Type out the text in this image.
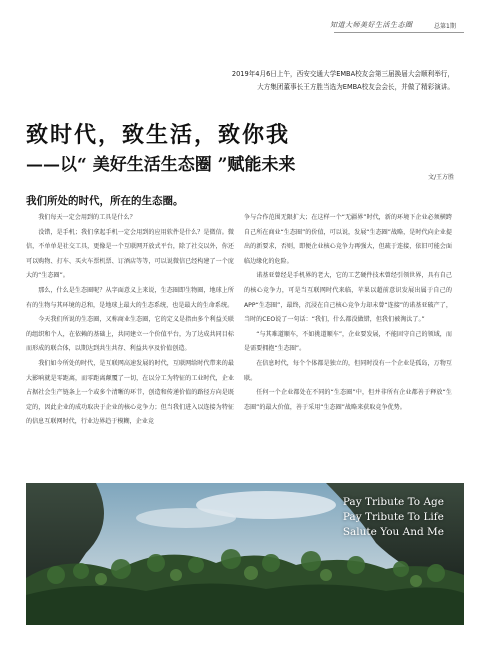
知道大师美好生活生态圈	总第1期
2019年4月6日上午，西安交通大学EMBA校友会第三届换届大会顺利举行，
大方集团董事长王方胜当选为EMBA校友会会长，并做了精彩演讲。
致时代，致生活，致你我
——以“ 美好生活生态圈 ”赋能未来
文/王方胜
我们所处的时代，所在的生态圈。

我们每天一定会用到的工具是什么？

没错，是手机；我们拿起手机一定会用到的应用软件是什么？是微信。微信，不单单是社交工具，更像是一个互联网开放式平台，除了社交以外，你还可以购物、打车、买火车票机票、订酒店等等，可以说微信已经构建了一个庞大的“生态圈”。

那么，什么是生态圈呢？从字面意义上来说，生态圈即生物圈，地球上所有的生物与其环境的总和，是地球上最大的生态系统，也是最大的生命系统。

今天我们所说的生态圈，又称商业生态圈，它的定义是指由多个利益关联的组织和个人，在依赖的基础上，共同建立一个价值平台，为了达成共同目标而形成的联合体，以期达到共生共存、利益共享及价值创造。

我们如今所处的时代，是互联网高速发展的时代，互联网给时代带来的最大影响就是零距离，而零距离颠覆了一切，在以分工为特征的工业时代，企业占据社会生产链条上一个或多个清晰的环节，创造和传递价值的路径方向是既定的，因此企业的成功取决于企业的核心竞争力；但当我们进入以连接为特征的信息互联网时代，行业边界趋于模糊，企业竞

争与合作范围无限扩大；在这样一个“无疆界”时代，新的环境下企业必须横跨自己所在商业“生态圈”的价值，可以说，发展“生态圈”战略，是时代向企业提出的新要求，否则，即便企业核心竞争力再强大，但疏于连接，依旧可能会面临边缘化的危险。

诺基亚曾经是手机界的老大，它的工艺硬件技术曾经引领世界，具有自己的核心竞争力，可是当互联网时代来临，苹果以超前意识发展出属于自己的APP“生态圈”，最终，沉浸在自己核心竞争力却未曾“连接”的诺基亚破产了，当时的CEO说了一句话：“我们，什么都没做错，但我们被淘汰了。”

“与其难道顺车，不如挑道顺车”，企业要发展，不能固守自己的领域，而是需要拥抱“生态圈”。

在信息时代，每个个体都是独立的，但同时没有一个企业是孤岛，万物互联。

任何一个企业都处在不同的“生态圈”中，但并非所有企业都善于释放“生态圈”的最大价值，善于采用“生态圈”战略来获取竞争优势。

Pay Tribute To Age
Pay Tribute To Life
Salute You And Me
